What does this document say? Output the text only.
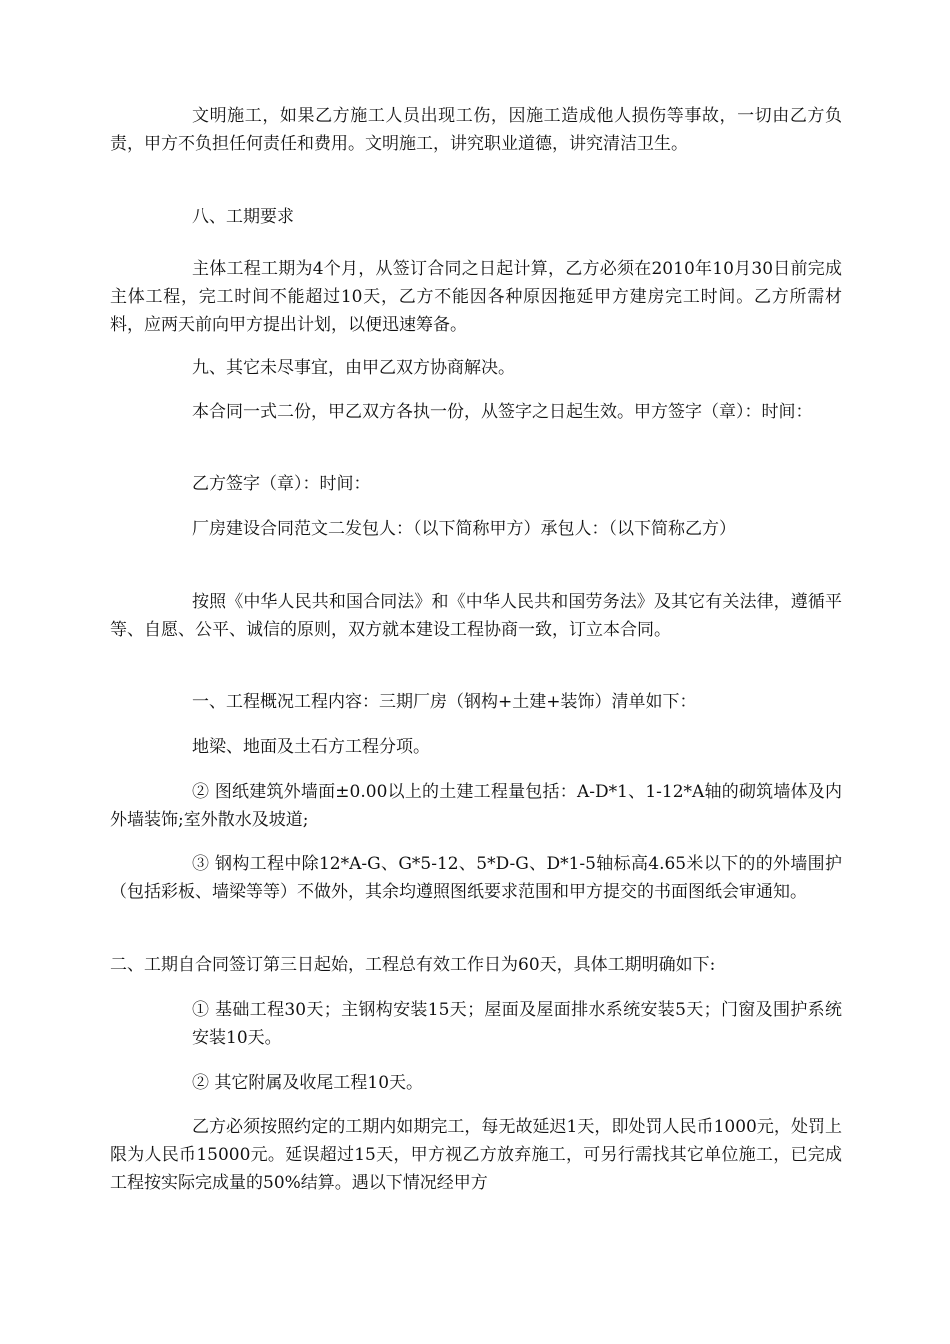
文明施工，如果乙方施工人员出现工伤，因施工造成他人损伤等事故，一切由乙方负责，甲方不负担任何责任和费用。文明施工，讲究职业道德，讲究清洁卫生。

八、工期要求

主体工程工期为4个月，从签订合同之日起计算，乙方必须在2010年10月30日前完成主体工程，完工时间不能超过10天，乙方不能因各种原因拖延甲方建房完工时间。乙方所需材料，应两天前向甲方提出计划，以便迅速筹备。

九、其它未尽事宜，由甲乙双方协商解决。

本合同一式二份，甲乙双方各执一份，从签字之日起生效。甲方签字（章）：时间：

乙方签字（章）：时间：

厂房建设合同范文二发包人：（以下简称甲方）承包人：（以下简称乙方）

按照《中华人民共和国合同法》和《中华人民共和国劳务法》及其它有关法律，遵循平等、自愿、公平、诚信的原则，双方就本建设工程协商一致，订立本合同。

一、工程概况工程内容：三期厂房（钢构+土建+装饰）清单如下：

地梁、地面及土石方工程分项。

② 图纸建筑外墙面±0.00以上的土建工程量包括：A-D*1、1-12*A轴的砌筑墙体及内外墙装饰;室外散水及坡道;

③ 钢构工程中除12*A-G、G*5-12、5*D-G、D*1-5轴标高4.65米以下的的外墙围护（包括彩板、墙梁等等）不做外，其余均遵照图纸要求范围和甲方提交的书面图纸会审通知。

二、工期自合同签订第三日起始，工程总有效工作日为60天，具体工期明确如下:

① 基础工程30天；主钢构安装15天；屋面及屋面排水系统安装5天；门窗及围护系统安装10天。

② 其它附属及收尾工程10天。

乙方必须按照约定的工期内如期完工，每无故延迟1天，即处罚人民币1000元，处罚上限为人民币15000元。延误超过15天，甲方视乙方放弃施工，可另行需找其它单位施工，已完成工程按实际完成量的50%结算。遇以下情况经甲方
